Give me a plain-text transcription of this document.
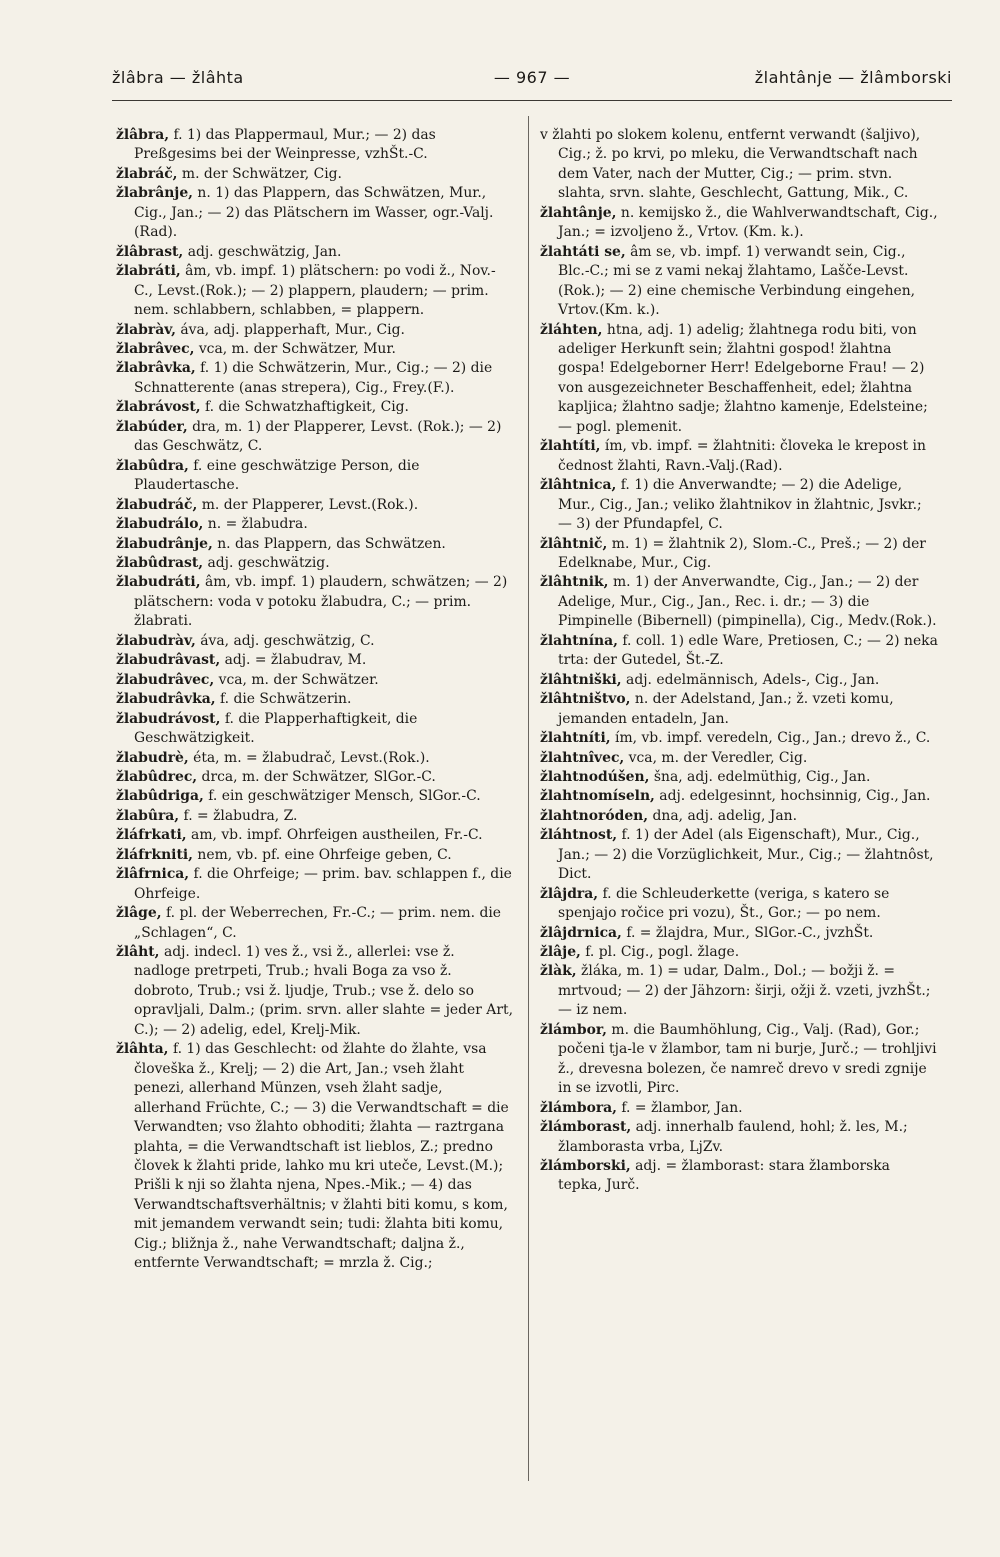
žlâbra — žlâhta	— 967 —	žlahtânje — žlâmborski

žlâbra, f. 1) das Plappermaul, Mur.; — 2) das Preßgesims bei der Weinpresse, vzhŠt.-C.

žlabráč, m. der Schwätzer, Cig.

žlabrânje, n. 1) das Plappern, das Schwätzen, Mur., Cig., Jan.; — 2) das Plätschern im Wasser, ogr.-Valj.(Rad).

žlâbrast, adj. geschwätzig, Jan.

žlabráti, âm, vb. impf. 1) plätschern: po vodi ž., Nov.-C., Levst.(Rok.); — 2) plappern, plaudern; — prim. nem. schlabbern, schlabben, = plappern.

žlabràv, áva, adj. plapperhaft, Mur., Cig.

žlabrâvec, vca, m. der Schwätzer, Mur.

žlabrâvka, f. 1) die Schwätzerin, Mur., Cig.; — 2) die Schnatterente (anas strepera), Cig., Frey.(F.).

žlabrávost, f. die Schwatzhaftigkeit, Cig.

žlabúder, dra, m. 1) der Plapperer, Levst. (Rok.); — 2) das Geschwätz, C.

žlabûdra, f. eine geschwätzige Person, die Plaudertasche.

žlabudráč, m. der Plapperer, Levst.(Rok.).

žlabudrálo, n. = žlabudra.

žlabudrânje, n. das Plappern, das Schwätzen.

žlabûdrast, adj. geschwätzig.

žlabudráti, âm, vb. impf. 1) plaudern, schwätzen; — 2) plätschern: voda v potoku žlabudra, C.; — prim. žlabrati.

žlabudràv, áva, adj. geschwätzig, C.

žlabudrâvast, adj. = žlabudrav, M.

žlabudrâvec, vca, m. der Schwätzer.

žlabudrâvka, f. die Schwätzerin.

žlabudrávost, f. die Plapperhaftigkeit, die Geschwätzigkeit.

žlabudrè, éta, m. = žlabudrač, Levst.(Rok.).

žlabûdrec, drca, m. der Schwätzer, SlGor.-C.

žlabûdriga, f. ein geschwätziger Mensch, SlGor.-C.

žlabûra, f. = žlabudra, Z.

žláfrkati, am, vb. impf. Ohrfeigen austheilen, Fr.-C.

žláfrkniti, nem, vb. pf. eine Ohrfeige geben, C.

žlâfrnica, f. die Ohrfeige; — prim. bav. schlappen f., die Ohrfeige.

žlâge, f. pl. der Weberrechen, Fr.-C.; — prim. nem. die „Schlagen“, C.

žlâht, adj. indecl. 1) ves ž., vsi ž., allerlei: vse ž. nadloge pretrpeti, Trub.; hvali Boga za vso ž. dobroto, Trub.; vsi ž. ljudje, Trub.; vse ž. delo so opravljali, Dalm.; (prim. srvn. aller slahte = jeder Art, C.); — 2) adelig, edel, Krelj-Mik.

žlâhta, f. 1) das Geschlecht: od žlahte do žlahte, vsa človeška ž., Krelj; — 2) die Art, Jan.; vseh žlaht penezi, allerhand Münzen, vseh žlaht sadje, allerhand Früchte, C.; — 3) die Verwandtschaft = die Verwandten; vso žlahto obhoditi; žlahta — raztrgana plahta, = die Verwandtschaft ist lieblos, Z.; predno človek k žlahti pride, lahko mu kri uteče, Levst.(M.); Prišli k nji so žlahta njena, Npes.-Mik.; — 4) das Verwandtschaftsverhältnis; v žlahti biti komu, s kom, mit jemandem verwandt sein; tudi: žlahta biti komu, Cig.; bližnja ž., nahe Verwandtschaft; daljna ž., entfernte Verwandtschaft; = mrzla ž. Cig.;

v žlahti po slokem kolenu, entfernt verwandt (šaljivo), Cig.; ž. po krvi, po mleku, die Verwandtschaft nach dem Vater, nach der Mutter, Cig.; — prim. stvn. slahta, srvn. slahte, Geschlecht, Gattung, Mik., C.

žlahtânje, n. kemijsko ž., die Wahlverwandtschaft, Cig., Jan.; = izvoljeno ž., Vrtov. (Km. k.).

žlahtáti se, âm se, vb. impf. 1) verwandt sein, Cig., Blc.-C.; mi se z vami nekaj žlahtamo, Lašče-Levst.(Rok.); — 2) eine chemische Verbindung eingehen, Vrtov.(Km. k.).

žláhten, htna, adj. 1) adelig; žlahtnega rodu biti, von adeliger Herkunft sein; žlahtni gospod! žlahtna gospa! Edelgeborner Herr! Edelgeborne Frau! — 2) von ausgezeichneter Beschaffenheit, edel; žlahtna kapljica; žlahtno sadje; žlahtno kamenje, Edelsteine; — pogl. plemenit.

žlahtíti, ím, vb. impf. = žlahtniti: človeka le krepost in čednost žlahti, Ravn.-Valj.(Rad).

žlâhtnica, f. 1) die Anverwandte; — 2) die Adelige, Mur., Cig., Jan.; veliko žlahtnikov in žlahtnic, Jsvkr.; — 3) der Pfundapfel, C.

žlâhtnič, m. 1) = žlahtnik 2), Slom.-C., Preš.; — 2) der Edelknabe, Mur., Cig.

žlâhtnik, m. 1) der Anverwandte, Cig., Jan.; — 2) der Adelige, Mur., Cig., Jan., Rec. i. dr.; — 3) die Pimpinelle (Bibernell) (pimpinella), Cig., Medv.(Rok.).

žlahtnína, f. coll. 1) edle Ware, Pretiosen, C.; — 2) neka trta: der Gutedel, Št.-Z.

žlâhtniški, adj. edelmännisch, Adels-, Cig., Jan.

žlâhtništvo, n. der Adelstand, Jan.; ž. vzeti komu, jemanden entadeln, Jan.

žlahtníti, ím, vb. impf. veredeln, Cig., Jan.; drevo ž., C.

žlahtnîvec, vca, m. der Veredler, Cig.

žlahtnodúšen, šna, adj. edelmüthig, Cig., Jan.

žlahtnomíseln, adj. edelgesinnt, hochsinnig, Cig., Jan.

žlahtnoróden, dna, adj. adelig, Jan.

žláhtnost, f. 1) der Adel (als Eigenschaft), Mur., Cig., Jan.; — 2) die Vorzüglichkeit, Mur., Cig.; — žlahtnôst, Dict.

žlâjdra, f. die Schleuderkette (veriga, s katero se spenjajo ročice pri vozu), Št., Gor.; — po nem.

žlâjdrnica, f. = žlajdra, Mur., SlGor.-C., jvzhŠt.

žlâje, f. pl. Cig., pogl. žlage.

žlàk, žláka, m. 1) = udar, Dalm., Dol.; — božji ž. = mrtvoud; — 2) der Jähzorn: širji, ožji ž. vzeti, jvzhŠt.; — iz nem.

žlámbor, m. die Baumhöhlung, Cig., Valj. (Rad), Gor.; počeni tja-le v žlambor, tam ni burje, Jurč.; — trohljivi ž., drevesna bolezen, če namreč drevo v sredi zgnije in se izvotli, Pirc.

žlámbora, f. = žlambor, Jan.

žlámborast, adj. innerhalb faulend, hohl; ž. les, M.; žlamborasta vrba, LjZv.

žlámborski, adj. = žlamborast: stara žlamborska tepka, Jurč.
